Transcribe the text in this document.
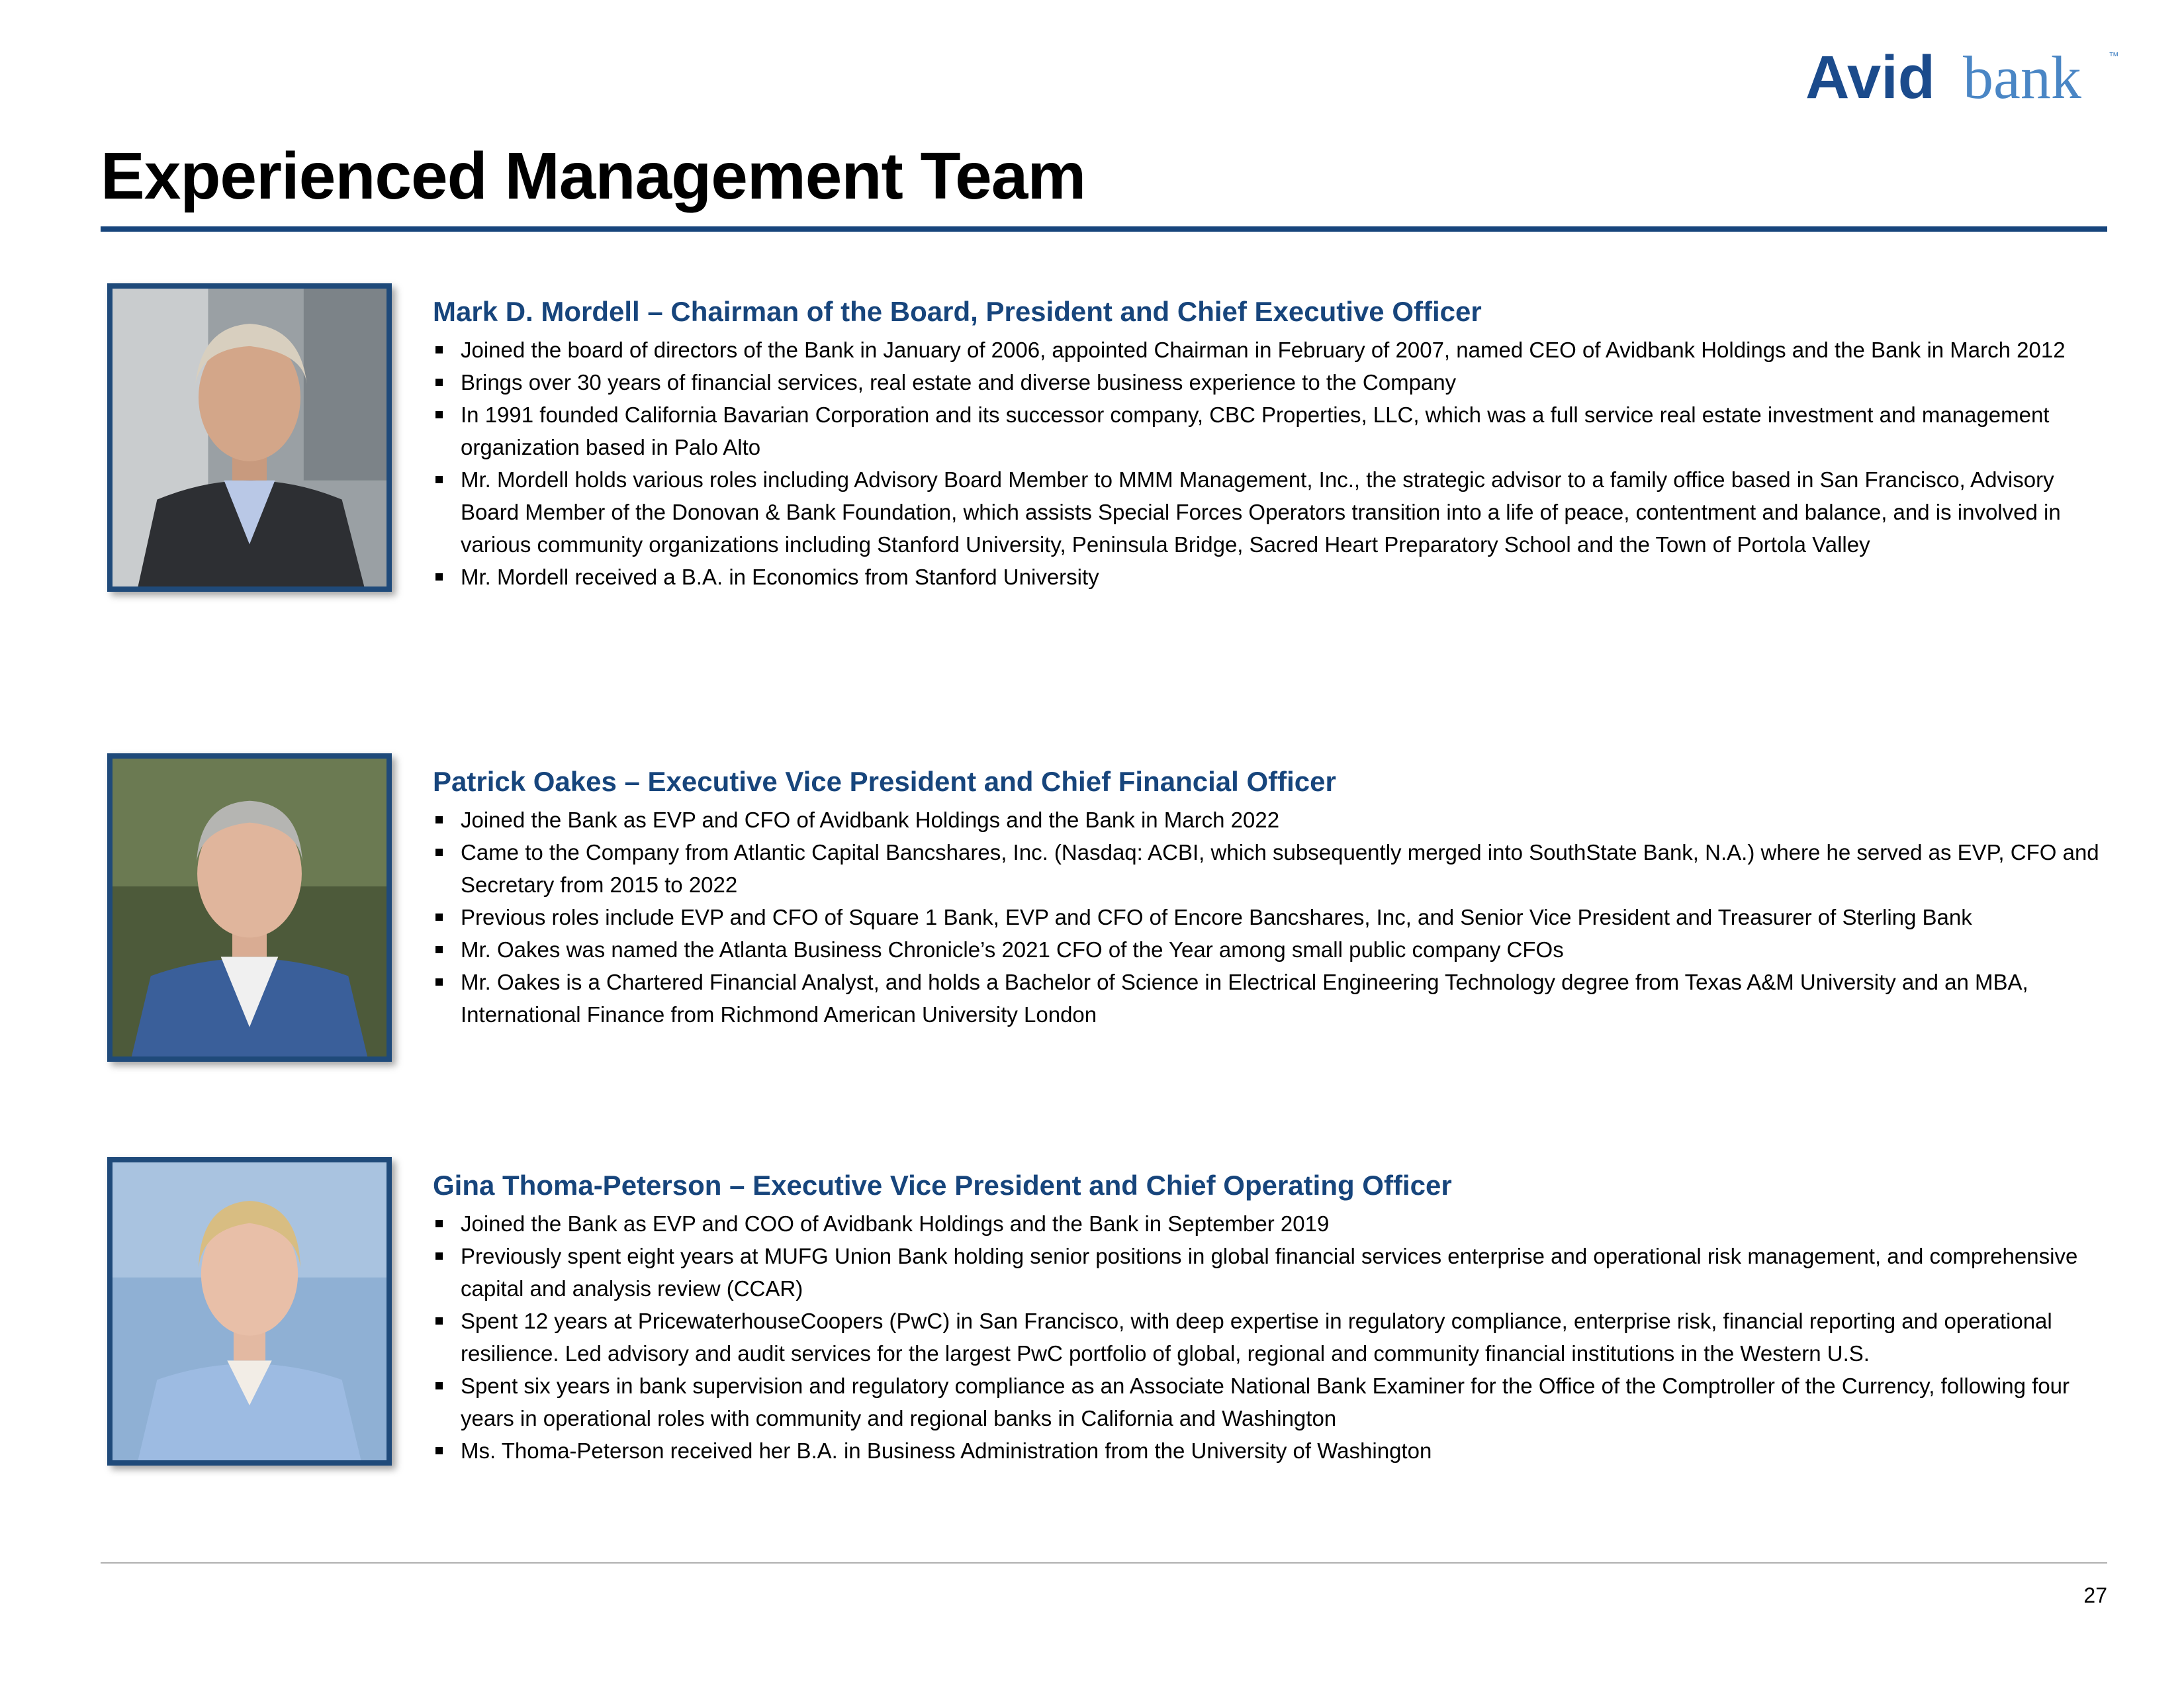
Avid bank	™
Experienced Management Team
Mark D. Mordell – Chairman of the Board, President and Chief Executive Officer
Joined the board of directors of the Bank in January of 2006, appointed Chairman in February of 2007, named CEO of Avidbank Holdings and the Bank in March 2012
Brings over 30 years of financial services, real estate and diverse business experience to the Company
In 1991 founded California Bavarian Corporation and its successor company, CBC Properties, LLC, which was a full service real estate investment and management organization based in Palo Alto
Mr. Mordell holds various roles including Advisory Board Member to MMM Management, Inc., the strategic advisor to a family office based in San Francisco, Advisory Board Member of the Donovan & Bank Foundation, which assists Special Forces Operators transition into a life of peace, contentment and balance, and is involved in various community organizations including Stanford University, Peninsula Bridge, Sacred Heart Preparatory School and the Town of Portola Valley
Mr. Mordell received a B.A. in Economics from Stanford University
Patrick Oakes – Executive Vice President and Chief Financial Officer
Joined the Bank as EVP and CFO of Avidbank Holdings and the Bank in March 2022
Came to the Company from Atlantic Capital Bancshares, Inc. (Nasdaq: ACBI, which subsequently merged into SouthState Bank, N.A.) where he served as EVP, CFO and Secretary from 2015 to 2022
Previous roles include EVP and CFO of Square 1 Bank, EVP and CFO of Encore Bancshares, Inc, and Senior Vice President and Treasurer of Sterling Bank
Mr. Oakes was named the Atlanta Business Chronicle’s 2021 CFO of the Year among small public company CFOs
Mr. Oakes is a Chartered Financial Analyst, and holds a Bachelor of Science in Electrical Engineering Technology degree from Texas A&M University and an MBA, International Finance from Richmond American University London
Gina Thoma-Peterson – Executive Vice President and Chief Operating Officer
Joined the Bank as EVP and COO of Avidbank Holdings and the Bank in September 2019
Previously spent eight years at MUFG Union Bank holding senior positions in global financial services enterprise and operational risk management, and comprehensive capital and analysis review (CCAR)
Spent 12 years at PricewaterhouseCoopers (PwC) in San Francisco, with deep expertise in regulatory compliance, enterprise risk, financial reporting and operational resilience. Led advisory and audit services for the largest PwC portfolio of global, regional and community financial institutions in the Western U.S.
Spent six years in bank supervision and regulatory compliance as an Associate National Bank Examiner for the Office of the Comptroller of the Currency, following four years in operational roles with community and regional banks in California and Washington
Ms. Thoma-Peterson received her B.A. in Business Administration from the University of Washington
27
